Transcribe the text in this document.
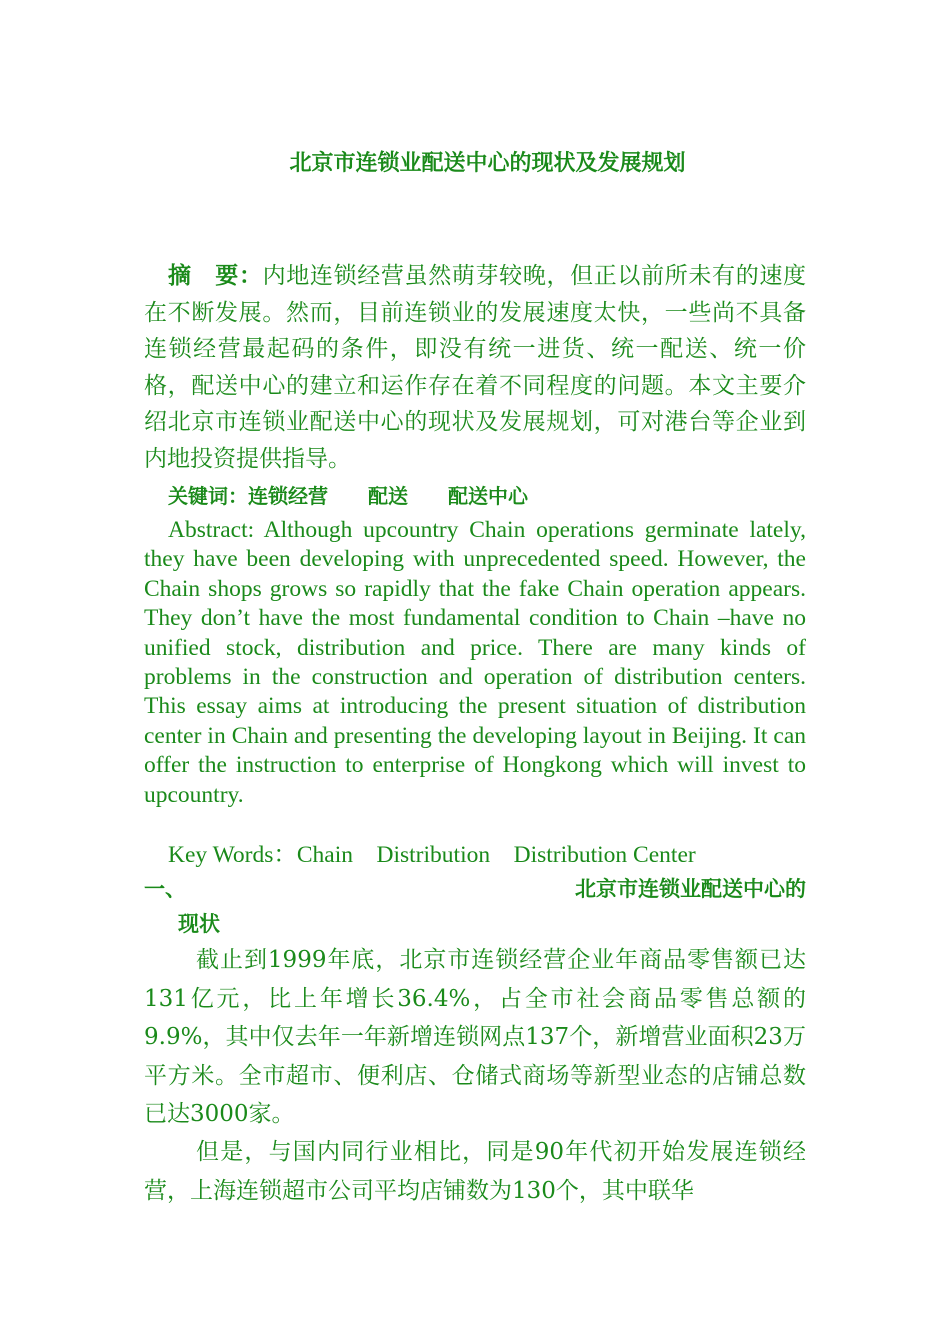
北京市连锁业配送中心的现状及发展规划

摘　要：内地连锁经营虽然萌芽较晚，但正以前所未有的速度在不断发展。然而，目前连锁业的发展速度太快，一些尚不具备连锁经营最起码的条件，即没有统一进货、统一配送、统一价格，配送中心的建立和运作存在着不同程度的问题。本文主要介绍北京市连锁业配送中心的现状及发展规划，可对港台等企业到内地投资提供指导。

关键词：连锁经营　　配送　　配送中心

Abstract: Although upcountry Chain operations germinate lately, they have been developing with unprecedented speed. However, the Chain shops grows so rapidly that the fake Chain operation appears. They don’t have the most fundamental condition to Chain –have no unified stock, distribution and price. There are many kinds of problems in the construction and operation of distribution centers. This essay aims at introducing the present situation of distribution center in Chain and presenting the developing layout in Beijing. It can offer the instruction to enterprise of Hongkong which will invest to upcountry.

Key Words：Chain    Distribution    Distribution Center

一、	北京市连锁业配送中心的
现状

截止到1999年底，北京市连锁经营企业年商品零售额已达131亿元，比上年增长36.4%，占全市社会商品零售总额的9.9%，其中仅去年一年新增连锁网点137个，新增营业面积23万平方米。全市超市、便利店、仓储式商场等新型业态的店铺总数已达3000家。

但是，与国内同行业相比，同是90年代初开始发展连锁经营，上海连锁超市公司平均店铺数为130个，其中联华
